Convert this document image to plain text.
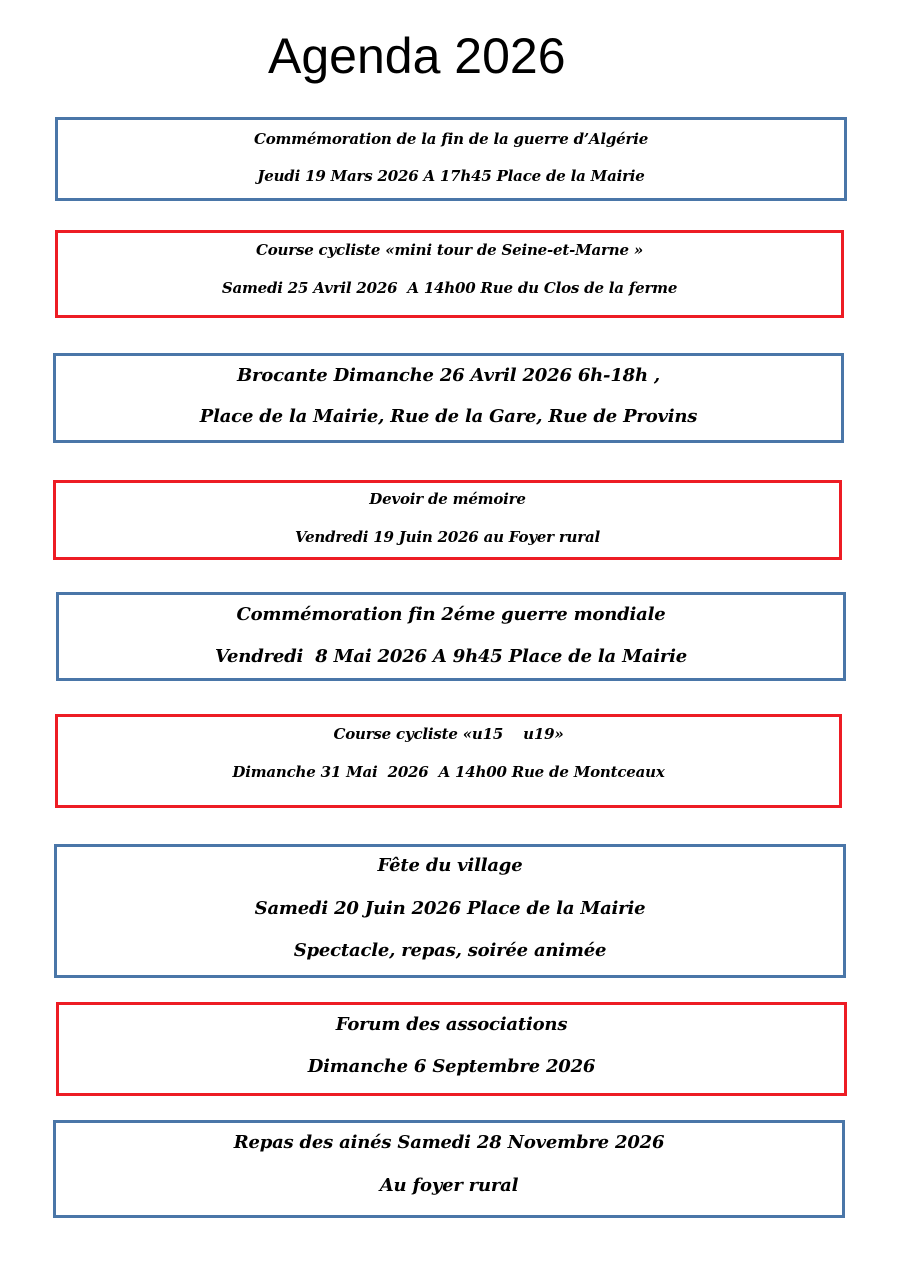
Agenda 2026
Commémoration de la fin de la guerre d’Algérie
Jeudi 19 Mars 2026 A 17h45 Place de la Mairie
Course cycliste «mini tour de Seine-et-Marne »
Samedi 25 Avril 2026  A 14h00 Rue du Clos de la ferme
Brocante Dimanche 26 Avril 2026 6h-18h ,
Place de la Mairie, Rue de la Gare, Rue de Provins
Devoir de mémoire
Vendredi 19 Juin 2026 au Foyer rural
Commémoration fin 2éme guerre mondiale
Vendredi  8 Mai 2026 A 9h45 Place de la Mairie
Course cycliste «u15    u19»
Dimanche 31 Mai  2026  A 14h00 Rue de Montceaux
Fête du village
Samedi 20 Juin 2026 Place de la Mairie
Spectacle, repas, soirée animée
Forum des associations
Dimanche 6 Septembre 2026
Repas des ainés Samedi 28 Novembre 2026
Au foyer rural
